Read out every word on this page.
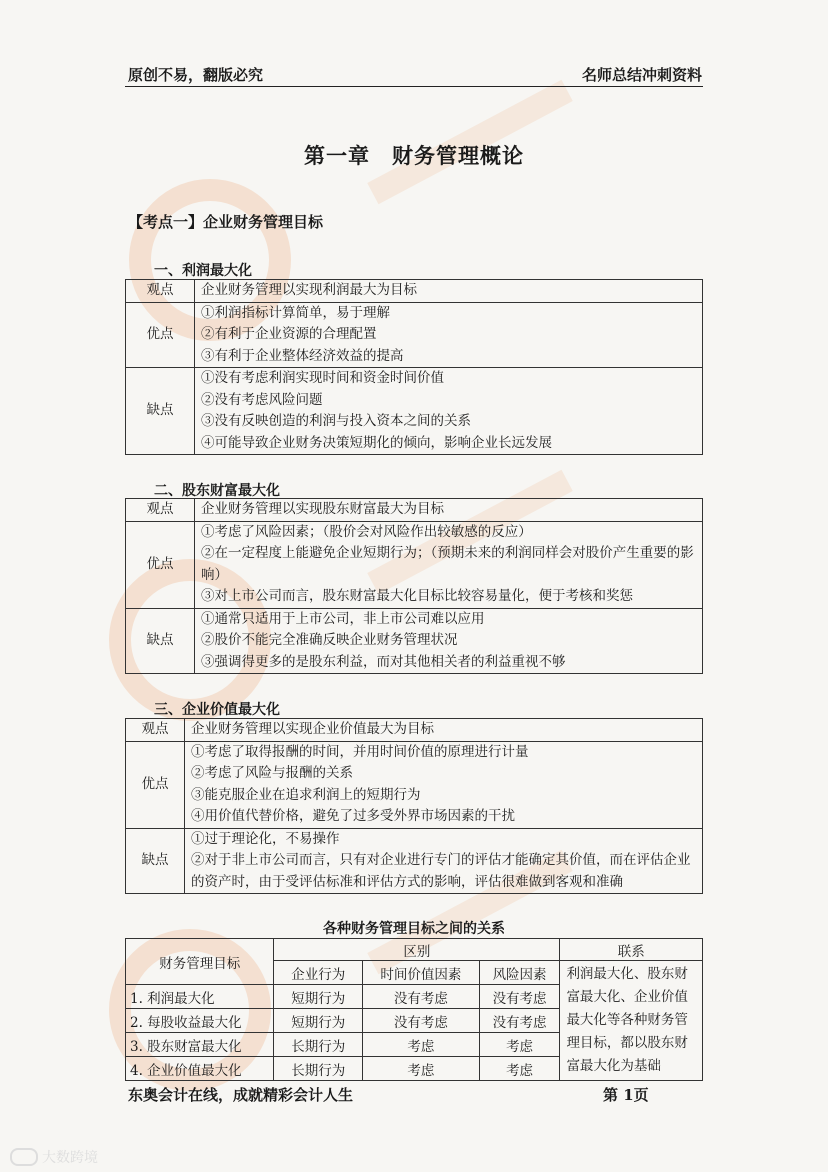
原创不易，翻版必究	名师总结冲刺资料
第一章　财务管理概论
【考点一】企业财务管理目标
一、利润最大化
观点	企业财务管理以实现利润最大为目标
优点	①利润指标计算简单，易于理解
②有利于企业资源的合理配置
③有利于企业整体经济效益的提高

缺点	①没有考虑利润实现时间和资金时间价值
②没有考虑风险问题
③没有反映创造的利润与投入资本之间的关系
④可能导致企业财务决策短期化的倾向，影响企业长远发展
二、股东财富最大化
观点	企业财务管理以实现股东财富最大为目标
优点	①考虑了风险因素；（股价会对风险作出较敏感的反应）
②在一定程度上能避免企业短期行为；（预期未来的利润同样会对股价产生重要的影响）
③对上市公司而言，股东财富最大化目标比较容易量化，便于考核和奖惩

缺点	①通常只适用于上市公司，非上市公司难以应用
②股价不能完全准确反映企业财务管理状况
③强调得更多的是股东利益，而对其他相关者的利益重视不够
三、企业价值最大化
观点	企业财务管理以实现企业价值最大为目标
优点	①考虑了取得报酬的时间，并用时间价值的原理进行计量
②考虑了风险与报酬的关系
③能克服企业在追求利润上的短期行为
④用价值代替价格，避免了过多受外界市场因素的干扰

缺点	①过于理论化，不易操作
②对于非上市公司而言，只有对企业进行专门的评估才能确定其价值，而在评估企业的资产时，由于受评估标准和评估方式的影响，评估很难做到客观和准确
各种财务管理目标之间的关系
财务管理目标	区别			联系
	企业行为	时间价值因素	风险因素	利润最大化、股东财富最大化、企业价值最大化等各种财务管理目标，都以股东财富最大化为基础
1. 利润最大化	短期行为	没有考虑	没有考虑	
2. 每股收益最大化	短期行为	没有考虑	没有考虑	
3. 股东财富最大化	长期行为	考虑	考虑	
4. 企业价值最大化	长期行为	考虑	考虑	
东奥会计在线，成就精彩会计人生	第 1页
大数跨境
